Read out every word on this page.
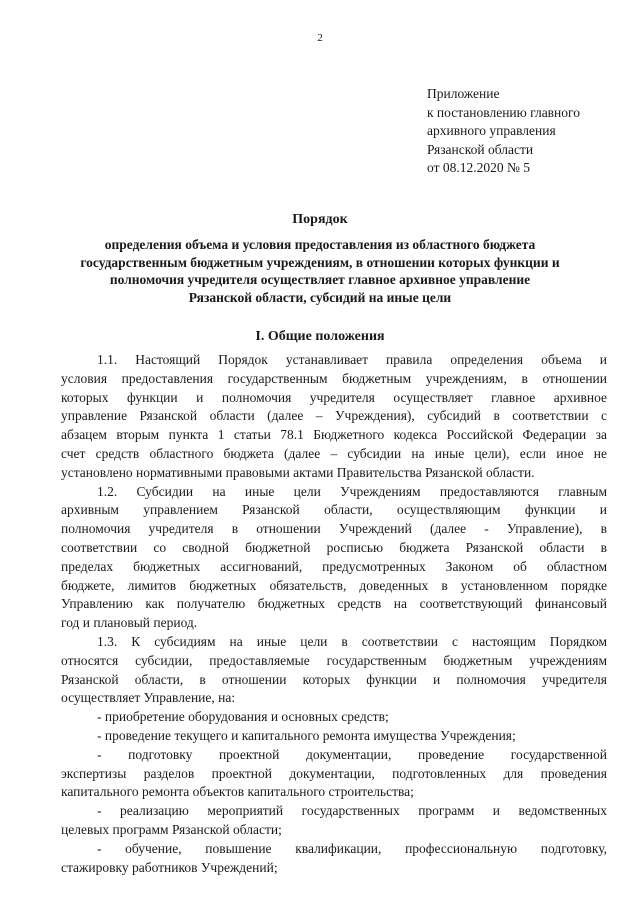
2
Приложение
к постановлению главного
архивного управления
Рязанской области
от 08.12.2020 № 5
Порядок
определения объема и условия предоставления из областного бюджета
государственным бюджетным учреждениям, в отношении которых функции и
полномочия учредителя осуществляет главное архивное управление
Рязанской области, субсидий на иные цели
I. Общие положения
1.1. Настоящий Порядок устанавливает правила определения объема и
условия предоставления государственным бюджетным учреждениям, в отношении
которых функции и полномочия учредителя осуществляет главное архивное
управление Рязанской области (далее – Учреждения), субсидий в соответствии с
абзацем вторым пункта 1 статьи 78.1 Бюджетного кодекса Российской Федерации за
счет средств областного бюджета (далее – субсидии на иные цели), если иное не
установлено нормативными правовыми актами Правительства Рязанской области.
1.2. Субсидии на иные цели Учреждениям предоставляются главным
архивным управлением Рязанской области, осуществляющим функции и
полномочия учредителя в отношении Учреждений (далее - Управление), в
соответствии со сводной бюджетной росписью бюджета Рязанской области в
пределах бюджетных ассигнований, предусмотренных Законом об областном
бюджете, лимитов бюджетных обязательств, доведенных в установленном порядке
Управлению как получателю бюджетных средств на соответствующий финансовый
год и плановый период.
1.3. К субсидиям на иные цели в соответствии с настоящим Порядком
относятся субсидии, предоставляемые государственным бюджетным учреждениям
Рязанской области, в отношении которых функции и полномочия учредителя
осуществляет Управление, на:
- приобретение оборудования и основных средств;
- проведение текущего и капитального ремонта имущества Учреждения;
- подготовку проектной документации, проведение государственной
экспертизы разделов проектной документации, подготовленных для проведения
капитального ремонта объектов капитального строительства;
- реализацию мероприятий государственных программ и ведомственных
целевых программ Рязанской области;
- обучение, повышение квалификации, профессиональную подготовку,
стажировку работников Учреждений;
